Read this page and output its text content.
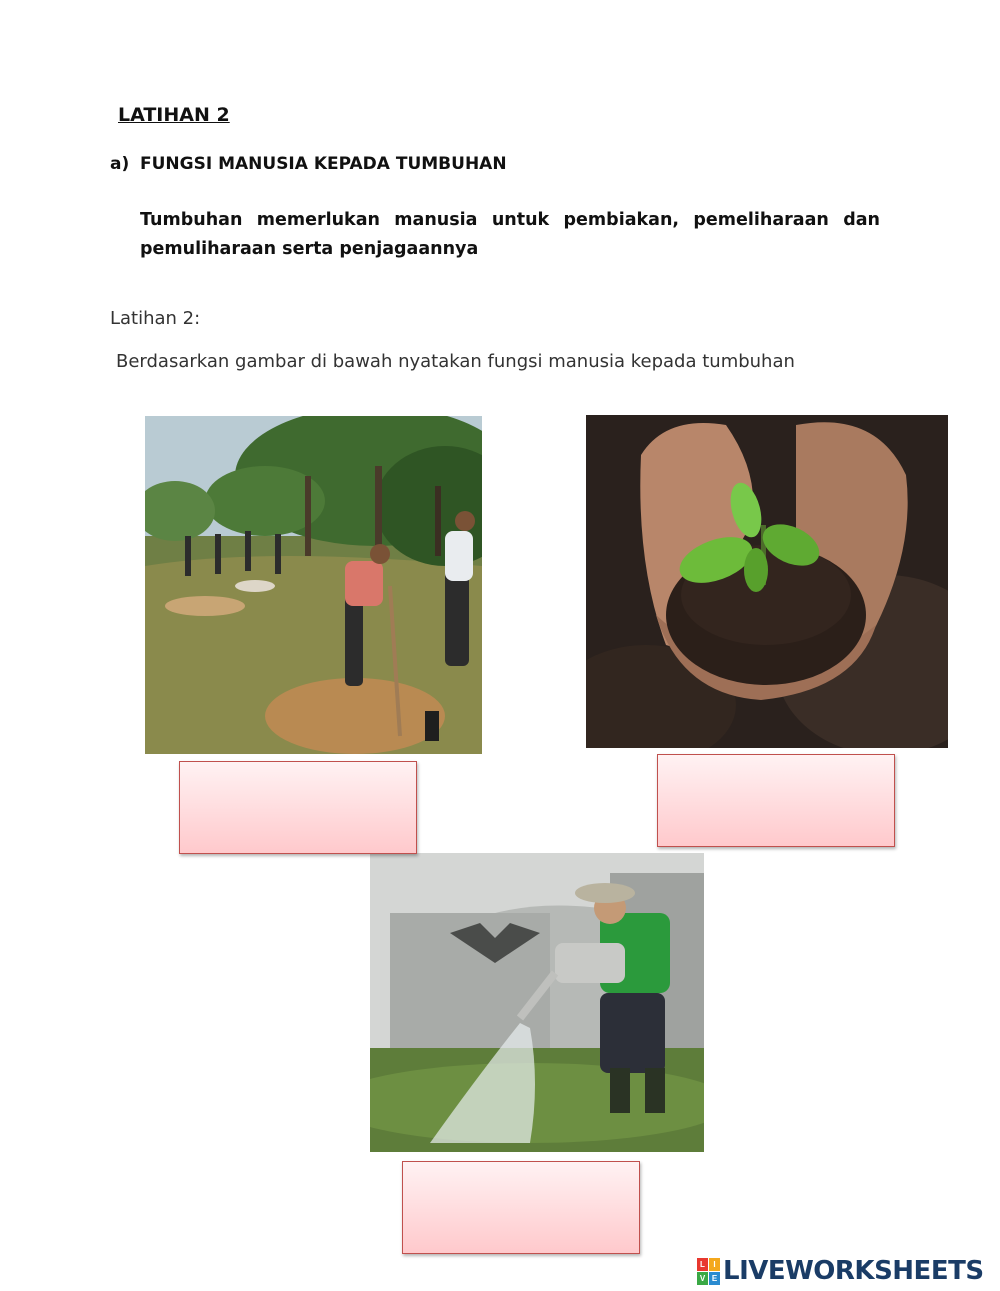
LATIHAN 2
a) FUNGSI MANUSIA KEPADA TUMBUHAN
Tumbuhan memerlukan manusia untuk pembiakan, pemeliharaan dan pemuliharaan serta penjagaannya
Latihan 2:
Berdasarkan gambar di bawah nyatakan fungsi manusia kepada tumbuhan
L	I
V E LIVEWORKSHEETS
